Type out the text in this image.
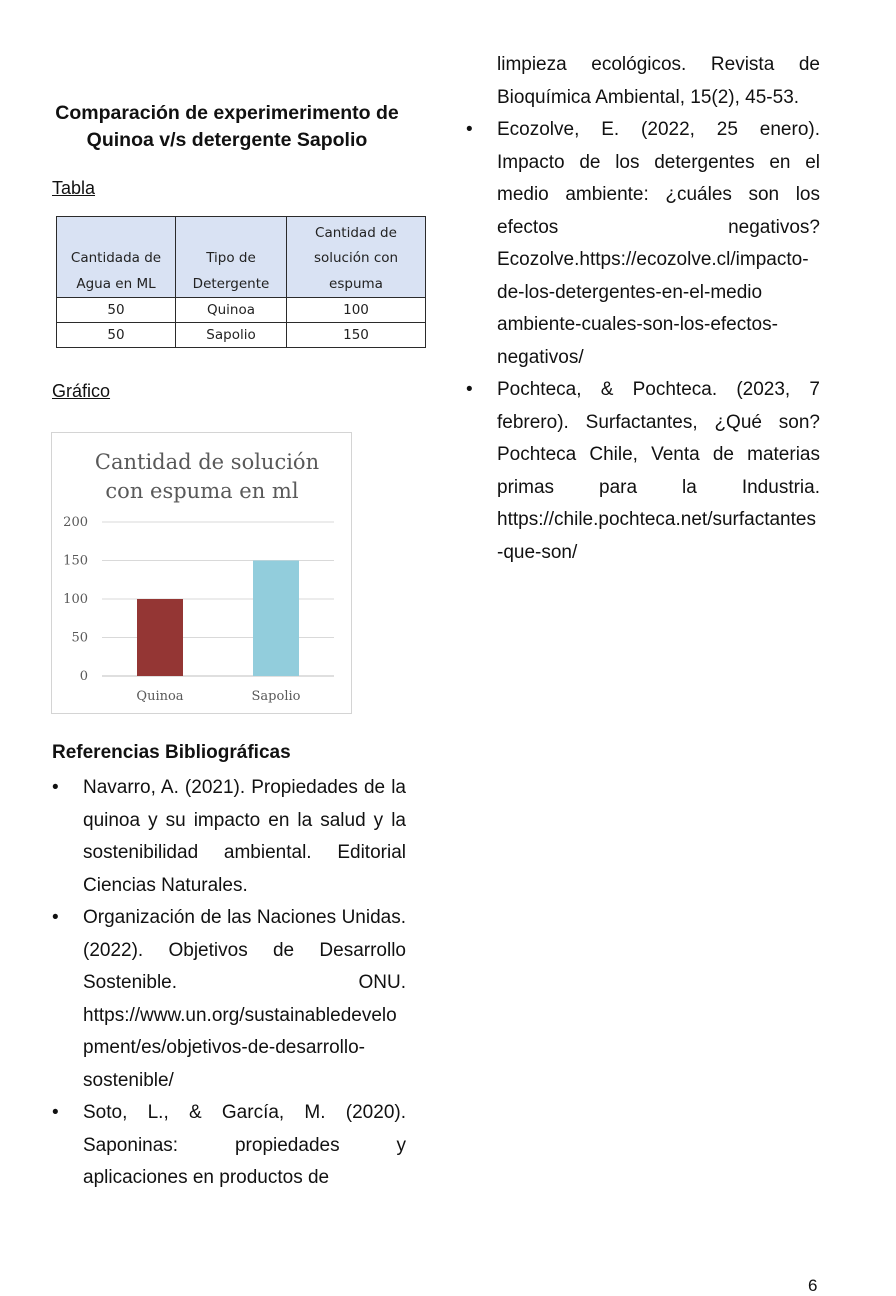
Comparación de experimerimento de Quinoa v/s detergente Sapolio
Tabla
Cantidada de Agua en ML	Tipo de Detergente	Cantidad de solución con espuma
50	Quinoa	100
50	Sapolio	150
Gráfico
Cantidad de solución
con espuma en ml
0
50
100
150
200
Quinoa	Sapolio
Referencias Bibliográficas
• Navarro, A. (2021). Propiedades de la quinoa y su impacto en la salud y la sostenibilidad ambiental. Editorial Ciencias Naturales.
• Organización de las Naciones Unidas. (2022). Objetivos de Desarrollo Sostenible. ONU. https://www.un.org/sustainabledevelopment/es/objetivos-de-desarrollo-sostenible/
• Soto, L., & García, M. (2020). Saponinas: propiedades y aplicaciones en productos de
limpieza ecológicos. Revista de Bioquímica Ambiental, 15(2), 45-53.
• Ecozolve, E. (2022, 25 enero). Impacto de los detergentes en el medio ambiente: ¿cuáles son los efectos negativos? Ecozolve.https://ecozolve.cl/impacto-de-los-detergentes-en-el-medio ambiente-cuales-son-los-efectos-negativos/
• Pochteca, & Pochteca. (2023, 7 febrero). Surfactantes, ¿Qué son? Pochteca Chile, Venta de materias primas para la Industria. https://chile.pochteca.net/surfactantes-que-son/
6
